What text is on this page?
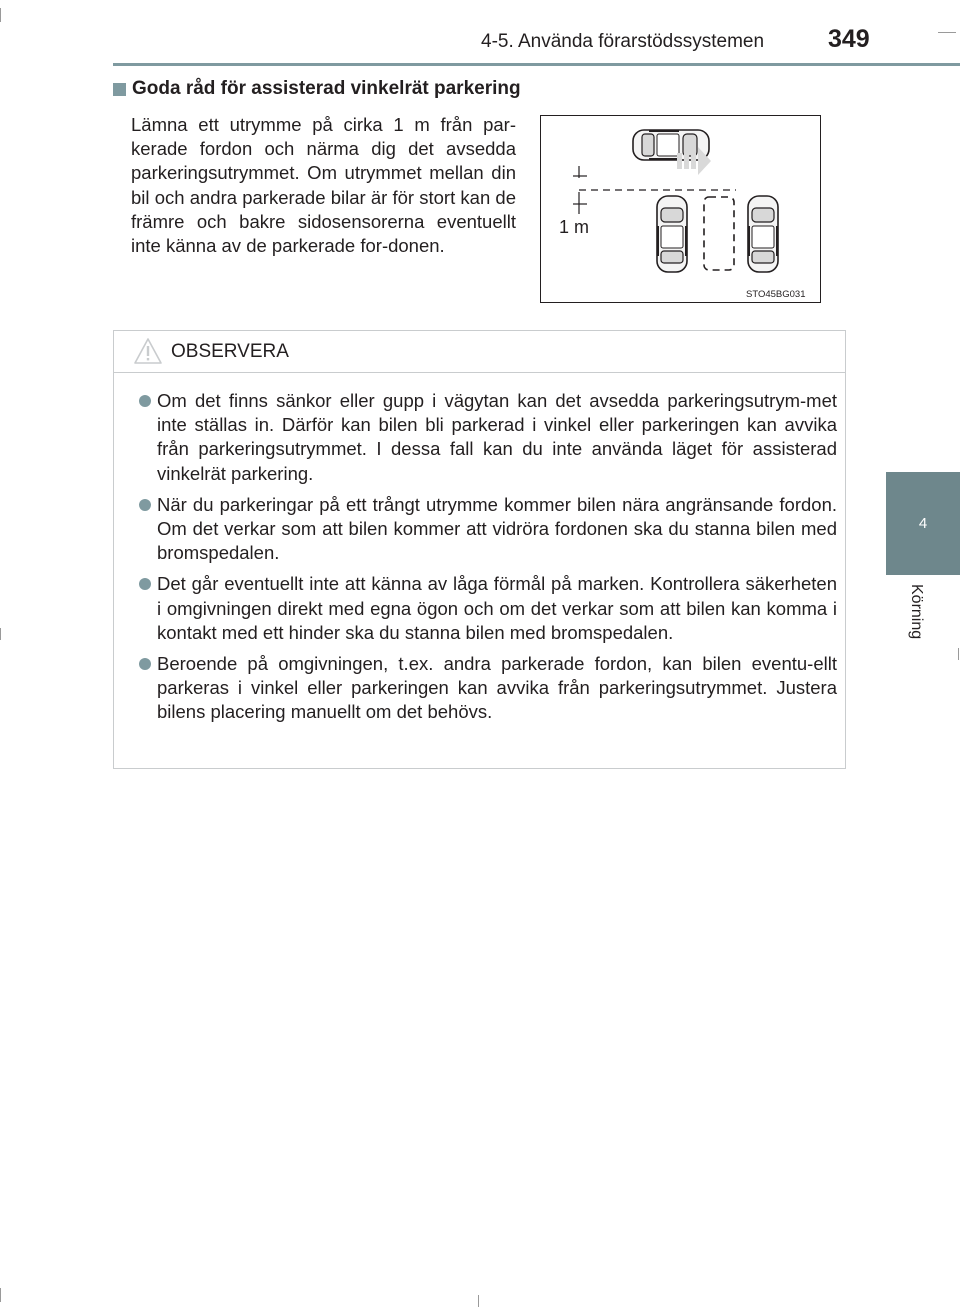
4-5. Använda förarstödssystemen	349
4
Körning
Goda råd för assisterad vinkelrät parkering

Lämna ett utrymme på cirka 1 m från par-kerade fordon och närma dig det avsedda parkeringsutrymmet. Om utrymmet mellan din bil och andra parkerade bilar är för stort kan de främre och bakre sidosensorerna eventuellt inte känna av de parkerade for-donen.

1 m
STO45BG031
OBSERVERA
Om det finns sänkor eller gupp i vägytan kan det avsedda parkeringsutrym-met inte ställas in. Därför kan bilen bli parkerad i vinkel eller parkeringen kan avvika från parkeringsutrymmet. I dessa fall kan du inte använda läget för assisterad vinkelrät parkering.
När du parkeringar på ett trångt utrymme kommer bilen nära angränsande fordon. Om det verkar som att bilen kommer att vidröra fordonen ska du stanna bilen med bromspedalen.
Det går eventuellt inte att känna av låga förmål på marken. Kontrollera säkerheten i omgivningen direkt med egna ögon och om det verkar som att bilen kan komma i kontakt med ett hinder ska du stanna bilen med bromspedalen.
Beroende på omgivningen, t.ex. andra parkerade fordon, kan bilen eventu-ellt parkeras i vinkel eller parkeringen kan avvika från parkeringsutrymmet. Justera bilens placering manuellt om det behövs.
